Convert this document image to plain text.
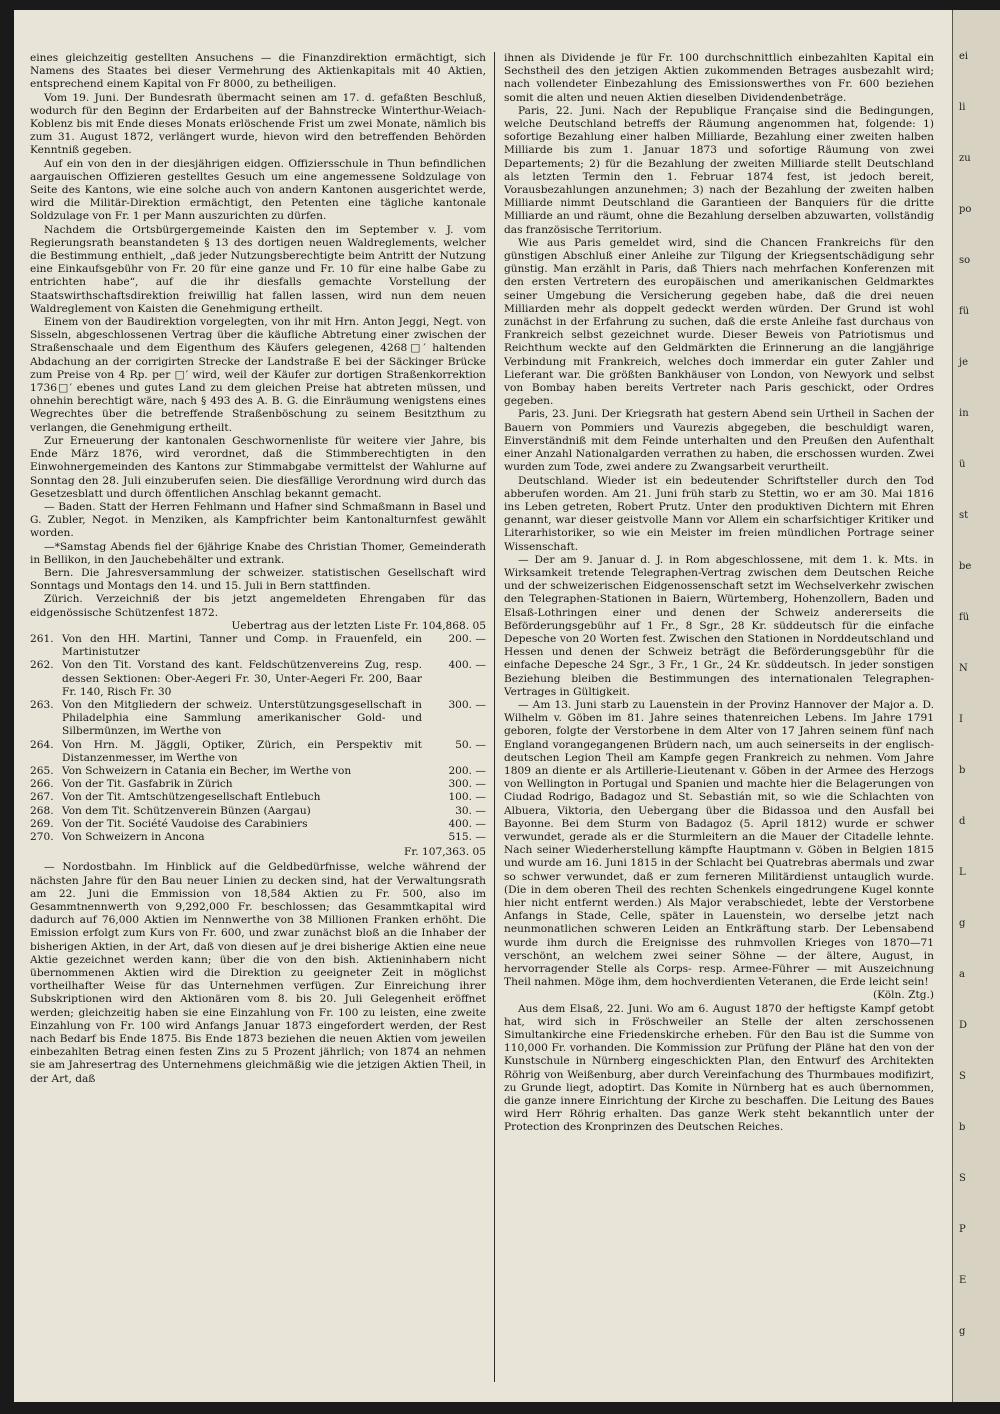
eines gleichzeitig gestellten Ansuchens — die Finanzdirektion ermächtigt, sich Namens des Staates bei dieser Vermehrung des Aktienkapitals mit 40 Aktien, entsprechend einem Kapital von Fr 8000, zu betheiligen.

Vom 19. Juni. Der Bundesrath übermacht seinen am 17. d. gefaßten Beschluß, wodurch für den Beginn der Erdarbeiten auf der Bahnstrecke Winterthur-Weiach-Koblenz bis mit Ende dieses Monats erlöschende Frist um zwei Monate, nämlich bis zum 31. August 1872, verlängert wurde, hievon wird den betreffenden Behörden Kenntniß gegeben.

Auf ein von den in der diesjährigen eidgen. Offiziersschule in Thun befindlichen aargauischen Offizieren gestelltes Gesuch um eine angemessene Soldzulage von Seite des Kantons, wie eine solche auch von andern Kantonen ausgerichtet werde, wird die Militär-Direktion ermächtigt, den Petenten eine tägliche kantonale Soldzulage von Fr. 1 per Mann auszurichten zu dürfen.

Nachdem die Ortsbürgergemeinde Kaisten den im September v. J. vom Regierungsrath beanstandeten § 13 des dortigen neuen Waldreglements, welcher die Bestimmung enthielt, „daß jeder Nutzungsberechtigte beim Antritt der Nutzung eine Einkaufsgebühr von Fr. 20 für eine ganze und Fr. 10 für eine halbe Gabe zu entrichten habe“, auf die ihr diesfalls gemachte Vorstellung der Staatswirthschaftsdirektion freiwillig hat fallen lassen, wird nun dem neuen Waldreglement von Kaisten die Genehmigung ertheilt.

Einem von der Baudirektion vorgelegten, von ihr mit Hrn. Anton Jeggi, Negt. von Sisseln, abgeschlossenen Vertrag über die käufliche Abtretung einer zwischen der Straßenschaale und dem Eigenthum des Käufers gelegenen, 4268□′ haltenden Abdachung an der corrigirten Strecke der Landstraße E bei der Säckinger Brücke zum Preise von 4 Rp. per □′ wird, weil der Käufer zur dortigen Straßenkorrektion 1736□′ ebenes und gutes Land zu dem gleichen Preise hat abtreten müssen, und ohnehin berechtigt wäre, nach § 493 des A. B. G. die Einräumung wenigstens eines Wegrechtes über die betreffende Straßenböschung zu seinem Besitzthum zu verlangen, die Genehmigung ertheilt.

Zur Erneuerung der kantonalen Geschwornenliste für weitere vier Jahre, bis Ende März 1876, wird verordnet, daß die Stimmberechtigten in den Einwohnergemeinden des Kantons zur Stimmabgabe vermittelst der Wahlurne auf Sonntag den 28. Juli einzuberufen seien. Die diesfällige Verordnung wird durch das Gesetzesblatt und durch öffentlichen Anschlag bekannt gemacht.

— Baden. Statt der Herren Fehlmann und Hafner sind Schmaßmann in Basel und G. Zubler, Negot. in Menziken, als Kampfrichter beim Kantonalturnfest gewählt worden.

—*Samstag Abends fiel der 6jährige Knabe des Christian Thomer, Gemeinderath in Bellikon, in den Jauchebehälter und extrank.

Bern. Die Jahresversammlung der schweizer. statistischen Gesellschaft wird Sonntags und Montags den 14. und 15. Juli in Bern stattfinden.

Zürich. Verzeichniß der bis jetzt angemeldeten Ehrengaben für das eidgenössische Schützenfest 1872.

Uebertrag aus der letzten Liste Fr. 104,868. 05
261.	Von den HH. Martini, Tanner und Comp. in Frauenfeld, ein Martinistutzer	200. —
262.	Von den Tit. Vorstand des kant. Feldschützenvereins Zug, resp. dessen Sektionen: Ober-Aegeri Fr. 30, Unter-Aegeri Fr. 200, Baar Fr. 140, Risch Fr. 30	400. —
263.	Von den Mitgliedern der schweiz. Unterstützungsgesellschaft in Philadelphia eine Sammlung amerikanischer Gold- und Silbermünzen, im Werthe von	300. —
264.	Von Hrn. M. Jäggli, Optiker, Zürich, ein Perspektiv mit Distanzenmesser, im Werthe von	50. —
265.	Von Schweizern in Catania ein Becher, im Werthe von	200. —
266.	Von der Tit. Gasfabrik in Zürich	300. —
267.	Von der Tit. Amtschützengesellschaft Entlebuch	100. —
268.	Von dem Tit. Schützenverein Bünzen (Aargau)	30. —
269.	Von der Tit. Société Vaudoise des Carabiniers	400. —
270.	Von Schweizern in Ancona	515. —
Fr. 107,363. 05

— Nordostbahn. Im Hinblick auf die Geldbedürfnisse, welche während der nächsten Jahre für den Bau neuer Linien zu decken sind, hat der Verwaltungsrath am 22. Juni die Emmission von 18,584 Aktien zu Fr. 500, also im Gesammtnennwerth von 9,292,000 Fr. beschlossen; das Gesammtkapital wird dadurch auf 76,000 Aktien im Nennwerthe von 38 Millionen Franken erhöht. Die Emission erfolgt zum Kurs von Fr. 600, und zwar zunächst bloß an die Inhaber der bisherigen Aktien, in der Art, daß von diesen auf je drei bisherige Aktien eine neue Aktie gezeichnet werden kann; über die von den bish. Aktieninhabern nicht übernommenen Aktien wird die Direktion zu geeigneter Zeit in möglichst vortheilhafter Weise für das Unternehmen verfügen. Zur Einreichung ihrer Subskriptionen wird den Aktionären vom 8. bis 20. Juli Gelegenheit eröffnet werden; gleichzeitig haben sie eine Einzahlung von Fr. 100 zu leisten, eine zweite Einzahlung von Fr. 100 wird Anfangs Januar 1873 eingefordert werden, der Rest nach Bedarf bis Ende 1875. Bis Ende 1873 beziehen die neuen Aktien vom jeweilen einbezahlten Betrag einen festen Zins zu 5 Prozent jährlich; von 1874 an nehmen sie am Jahresertrag des Unternehmens gleichmäßig wie die jetzigen Aktien Theil, in der Art, daß

ihnen als Dividende je für Fr. 100 durchschnittlich einbezahlten Kapital ein Sechstheil des den jetzigen Aktien zukommenden Betrages ausbezahlt wird; nach vollendeter Einbezahlung des Emissionswerthes von Fr. 600 beziehen somit die alten und neuen Aktien dieselben Dividendenbeträge.

Paris, 22. Juni. Nach der Republique Française sind die Bedingungen, welche Deutschland betreffs der Räumung angenommen hat, folgende: 1) sofortige Bezahlung einer halben Milliarde, Bezahlung einer zweiten halben Milliarde bis zum 1. Januar 1873 und sofortige Räumung von zwei Departements; 2) für die Bezahlung der zweiten Milliarde stellt Deutschland als letzten Termin den 1. Februar 1874 fest, ist jedoch bereit, Vorausbezahlungen anzunehmen; 3) nach der Bezahlung der zweiten halben Milliarde nimmt Deutschland die Garantieen der Banquiers für die dritte Milliarde an und räumt, ohne die Bezahlung derselben abzuwarten, vollständig das französische Territorium.

Wie aus Paris gemeldet wird, sind die Chancen Frankreichs für den günstigen Abschluß einer Anleihe zur Tilgung der Kriegsentschädigung sehr günstig. Man erzählt in Paris, daß Thiers nach mehrfachen Konferenzen mit den ersten Vertretern des europäischen und amerikanischen Geldmarktes seiner Umgebung die Versicherung gegeben habe, daß die drei neuen Milliarden mehr als doppelt gedeckt werden würden. Der Grund ist wohl zunächst in der Erfahrung zu suchen, daß die erste Anleihe fast durchaus von Frankreich selbst gezeichnet wurde. Dieser Beweis von Patriotismus und Reichthum weckte auf den Geldmärkten die Erinnerung an die langjährige Verbindung mit Frankreich, welches doch immerdar ein guter Zahler und Lieferant war. Die größten Bankhäuser von London, von Newyork und selbst von Bombay haben bereits Vertreter nach Paris geschickt, oder Ordres gegeben.

Paris, 23. Juni. Der Kriegsrath hat gestern Abend sein Urtheil in Sachen der Bauern von Pommiers und Vaurezis abgegeben, die beschuldigt waren, Einverständniß mit dem Feinde unterhalten und den Preußen den Aufenthalt einer Anzahl Nationalgarden verrathen zu haben, die erschossen wurden. Zwei wurden zum Tode, zwei andere zu Zwangsarbeit verurtheilt.

Deutschland. Wieder ist ein bedeutender Schriftsteller durch den Tod abberufen worden. Am 21. Juni früh starb zu Stettin, wo er am 30. Mai 1816 ins Leben getreten, Robert Prutz. Unter den produktiven Dichtern mit Ehren genannt, war dieser geistvolle Mann vor Allem ein scharfsichtiger Kritiker und Literarhistoriker, so wie ein Meister im freien mündlichen Portrage seiner Wissenschaft.

— Der am 9. Januar d. J. in Rom abgeschlossene, mit dem 1. k. Mts. in Wirksamkeit tretende Telegraphen-Vertrag zwischen dem Deutschen Reiche und der schweizerischen Eidgenossenschaft setzt im Wechselverkehr zwischen den Telegraphen-Stationen in Baiern, Würtemberg, Hohenzollern, Baden und Elsaß-Lothringen einer und denen der Schweiz andererseits die Beförderungsgebühr auf 1 Fr., 8 Sgr., 28 Kr. süddeutsch für die einfache Depesche von 20 Worten fest. Zwischen den Stationen in Norddeutschland und Hessen und denen der Schweiz beträgt die Beförderungsgebühr für die einfache Depesche 24 Sgr., 3 Fr., 1 Gr., 24 Kr. süddeutsch. In jeder sonstigen Beziehung bleiben die Bestimmungen des internationalen Telegraphen-Vertrages in Gültigkeit.

— Am 13. Juni starb zu Lauenstein in der Provinz Hannover der Major a. D. Wilhelm v. Göben im 81. Jahre seines thatenreichen Lebens. Im Jahre 1791 geboren, folgte der Verstorbene in dem Alter von 17 Jahren seinem fünf nach England vorangegangenen Brüdern nach, um auch seinerseits in der englisch-deutschen Legion Theil am Kampfe gegen Frankreich zu nehmen. Vom Jahre 1809 an diente er als Artillerie-Lieutenant v. Göben in der Armee des Herzogs von Wellington in Portugal und Spanien und machte hier die Belagerungen von Ciudad Rodrigo, Badagoz und St. Sebastián mit, so wie die Schlachten von Albuera, Viktoria, den Uebergang über die Bidassoa und den Ausfall bei Bayonne. Bei dem Sturm von Badagoz (5. April 1812) wurde er schwer verwundet, gerade als er die Sturmleitern an die Mauer der Citadelle lehnte. Nach seiner Wiederherstellung kämpfte Hauptmann v. Göben in Belgien 1815 und wurde am 16. Juni 1815 in der Schlacht bei Quatrebras abermals und zwar so schwer verwundet, daß er zum ferneren Militärdienst untauglich wurde. (Die in dem oberen Theil des rechten Schenkels eingedrungene Kugel konnte hier nicht entfernt werden.) Als Major verabschiedet, lebte der Verstorbene Anfangs in Stade, Celle, später in Lauenstein, wo derselbe jetzt nach neunmonatlichen schweren Leiden an Entkräftung starb. Der Lebensabend wurde ihm durch die Ereignisse des ruhmvollen Krieges von 1870—71 verschönt, an welchem zwei seiner Söhne — der ältere, August, in hervorragender Stelle als Corps- resp. Armee-Führer — mit Auszeichnung Theil nahmen. Möge ihm, dem hochverdienten Veteranen, die Erde leicht sein!

(Köln. Ztg.)

Aus dem Elsaß, 22. Juni. Wo am 6. August 1870 der heftigste Kampf getobt hat, wird sich in Fröschweiler an Stelle der alten zerschossenen Simultankirche eine Friedenskirche erheben. Für den Bau ist die Summe von 110,000 Fr. vorhanden. Die Kommission zur Prüfung der Pläne hat den von der Kunstschule in Nürnberg eingeschickten Plan, den Entwurf des Architekten Röhrig von Weißenburg, aber durch Vereinfachung des Thurmbaues modifizirt, zu Grunde liegt, adoptirt. Das Komite in Nürnberg hat es auch übernommen, die ganze innere Einrichtung der Kirche zu beschaffen. Die Leitung des Baues wird Herr Röhrig erhalten. Das ganze Werk steht bekanntlich unter der Protection des Kronprinzen des Deutschen Reiches.

ei
li
zu
po
so
fü
je
in
ü
st
be
fü
N
I
b
d
L
g
a
D
S
b
S
P
E
g
